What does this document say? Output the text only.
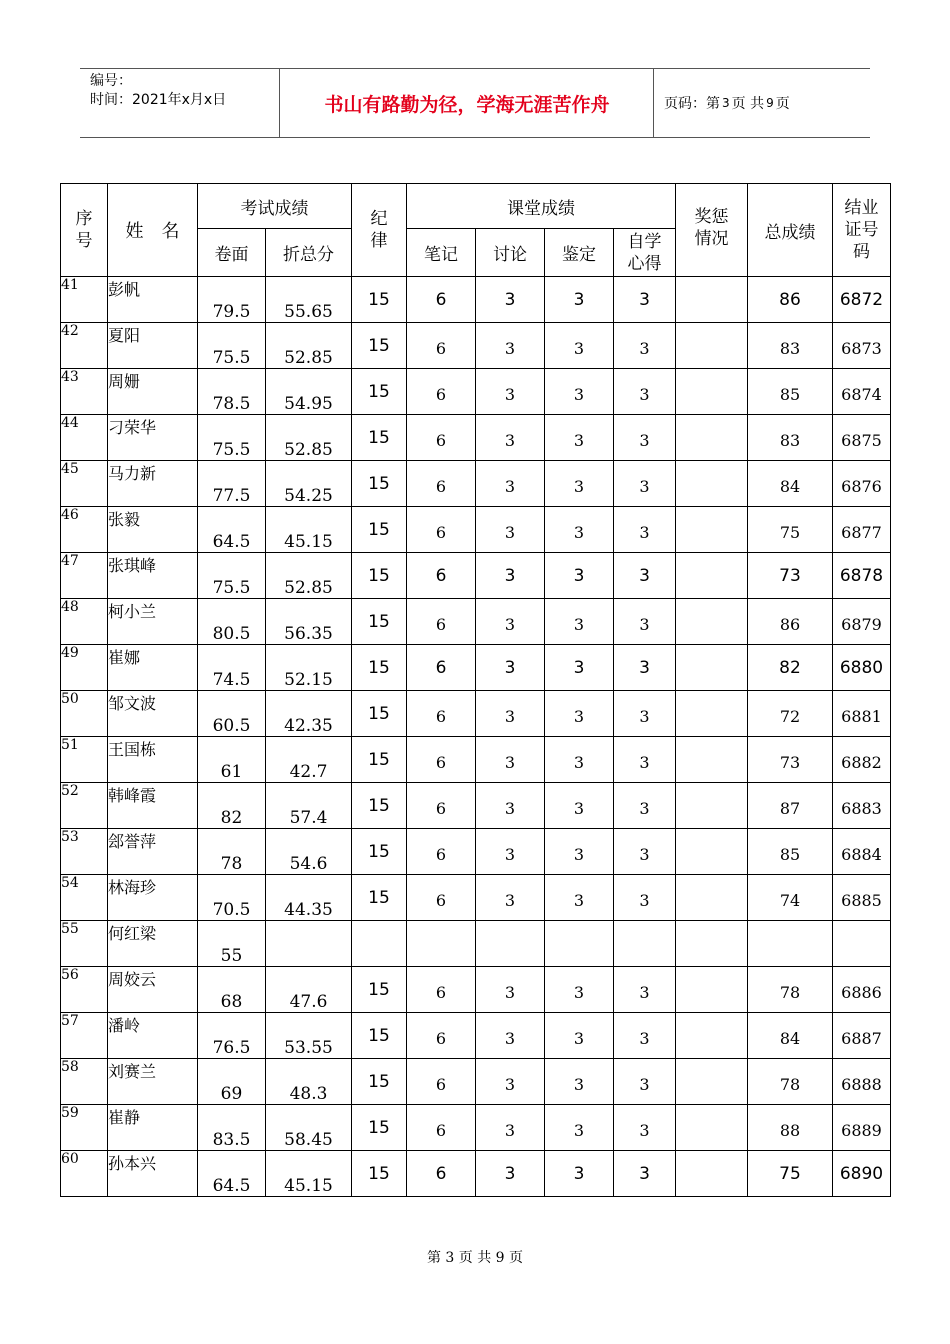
编号：
时间：2021年x月x日	书山有路勤为径，学海无涯苦作舟	页码：第 3 页 共 9 页
序号	姓　名	考试成绩		纪律	课堂成绩				奖惩情况	总成绩	结业证号码
		卷面	折总分		笔记	讨论	鉴定	自学心得			
41	彭帆	79.5	55.65	15	6	3	3	3		86	6872
42	夏阳	75.5	52.85	15	6	3	3	3		83	6873
43	周姗	78.5	54.95	15	6	3	3	3		85	6874
44	刁荣华	75.5	52.85	15	6	3	3	3		83	6875
45	马力新	77.5	54.25	15	6	3	3	3		84	6876
46	张毅	64.5	45.15	15	6	3	3	3		75	6877
47	张琪峰	75.5	52.85	15	6	3	3	3		73	6878
48	柯小兰	80.5	56.35	15	6	3	3	3		86	6879
49	崔娜	74.5	52.15	15	6	3	3	3		82	6880
50	邹文波	60.5	42.35	15	6	3	3	3		72	6881
51	王国栋	61	42.7	15	6	3	3	3		73	6882
52	韩峰霞	82	57.4	15	6	3	3	3		87	6883
53	郐誉萍	78	54.6	15	6	3	3	3		85	6884
54	林海珍	70.5	44.35	15	6	3	3	3		74	6885
55	何红梁	55									
56	周姣云	68	47.6	15	6	3	3	3		78	6886
57	潘岭	76.5	53.55	15	6	3	3	3		84	6887
58	刘赛兰	69	48.3	15	6	3	3	3		78	6888
59	崔静	83.5	58.45	15	6	3	3	3		88	6889
60	孙本兴	64.5	45.15	15	6	3	3	3		75	6890
第 3 页 共 9 页
